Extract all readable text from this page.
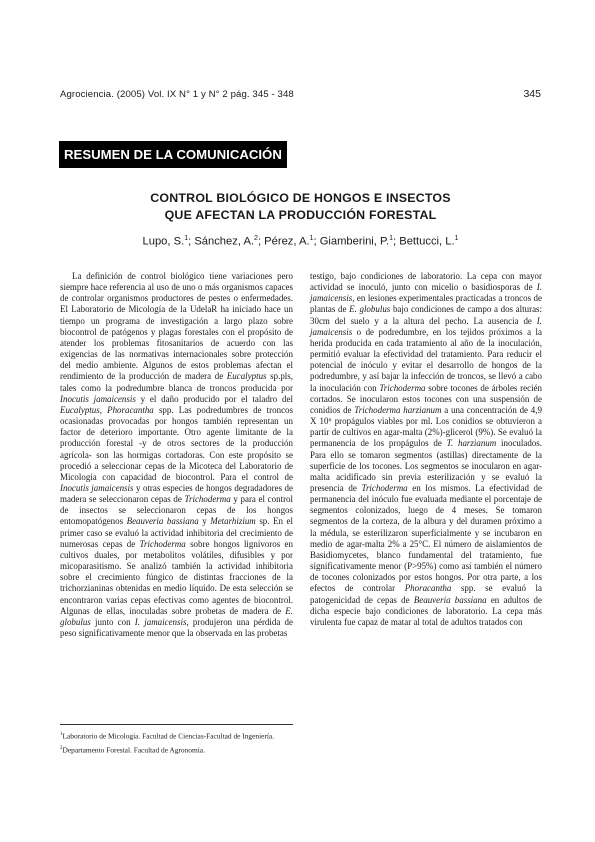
Agrociencia. (2005) Vol. IX N° 1 y N° 2 pág. 345 - 348	345
RESUMEN DE LA COMUNICACIÓN
CONTROL BIOLÓGICO DE HONGOS E INSECTOS
QUE AFECTAN LA PRODUCCIÓN FORESTAL
Lupo, S.$^1$; Sánchez, A.$^2$; Pérez, A.$^1$; Giamberini, P.$^1$; Bettucci, L.$^1$

La definición de control biológico tiene variaciones pero siempre hace referencia al uso de uno o más organismos capaces de controlar organismos productores de pestes o enfermedades. El Laboratorio de Micología de la UdelaR ha iniciado hace un tiempo un programa de investigación a largo plazo sobre biocontrol de patógenos y plagas forestales con el propósito de atender los problemas fitosanitarios de acuerdo con las exigencias de las normativas internacionales sobre protección del medio ambiente. Algunos de estos problemas afectan el rendimiento de la producción de madera de Eucalyptus sp.pls, tales como la podredumbre blanca de troncos producida por Inocutis jamaicensis y el daño producido por el taladro del Eucalyptus, Phoracantha spp. Las podredumbres de troncos ocasionadas provocadas por hongos también representan un factor de deterioro importante. Otro agente limitante de la producción forestal -y de otros sectores de la producción agrícola- son las hormigas cortadoras. Con este propósito se procedió a seleccionar cepas de la Micoteca del Laboratorio de Micología con capacidad de biocontrol. Para el control de Inocutis jamaicensis y otras especies de hongos degradadores de madera se seleccionaron cepas de Trichoderma y para el control de insectos se seleccionaron cepas de los hongos entomopatógenos Beauveria bassiana y Metarhizium sp. En el primer caso se evaluó la actividad inhibitoria del crecimiento de numerosas cepas de Trichoderma sobre hongos lignívoros en cultivos duales, por metabolitos volátiles, difusibles y por micoparasitismo. Se analizó también la actividad inhibitoria sobre el crecimiento fúngico de distintas fracciones de la trichorzianinas obtenidas en medio líquido. De esta selección se encontraron varias cepas efectivas como agentes de biocontrol. Algunas de ellas, inoculadas sobre probetas de madera de E. globulus junto con I. jamaicensis, produjeron una pérdida de peso significativamente menor que la observada en las probetas

testigo, bajo condiciones de laboratorio. La cepa con mayor actividad se inoculó, junto con micelio o basidiosporas de I. jamaicensis, en lesiones experimentales practicadas a troncos de plantas de E. globulus bajo condiciones de campo a dos alturas: 30cm del suelo y a la altura del pecho. La ausencia de I. jamaicensis o de podredumbre, en los tejidos próximos a la herida producida en cada tratamiento al año de la inoculación, permitió evaluar la efectividad del tratamiento. Para reducir el potencial de inóculo y evitar el desarrollo de hongos de la podredumbre, y así bajar la infección de troncos, se llevó a cabo la inoculación con Trichoderma sobre tocones de árboles recién cortados. Se inocularon estos tocones con una suspensión de conidios de Trichoderma harzianum a una concentración de 4,9 X 10⁶ propágulos viables por ml. Los conidios se obtuvieron a partir de cultivos en agar-malta (2%)-glicerol (9%). Se evaluó la permanencia de los propágulos de T. harzianum inoculados. Para ello se tomaron segmentos (astillas) directamente de la superficie de los tocones. Los segmentos se inocularon en agar-malta acidificado sin previa esterilización y se evaluó la presencia de Trichoderma en los mismos. La efectividad de permanencia del inóculo fue evaluada mediante el porcentaje de segmentos colonizados, luego de 4 meses. Se tomaron segmentos de la corteza, de la albura y del duramen próximo a la médula, se esterilizaron superficialmente y se incubaron en medio de agar-malta 2% a 25°C. El número de aislamientos de Basidiomycetes, blanco fundamental del tratamiento, fue significativamente menor (P>95%) como así también el número de tocones colonizados por estos hongos. Por otra parte, a los efectos de controlar Phoracantha spp. se evaluó la patogenicidad de cepas de Beauveria bassiana en adultos de dicha especie bajo condiciones de laboratorio. La cepa más virulenta fue capaz de matar al total de adultos tratados con

$^1$Laboratorio de Micología. Facultad de Ciencias-Facultad de Ingeniería.
$^2$Departamento Forestal. Facultad de Agronomía.
